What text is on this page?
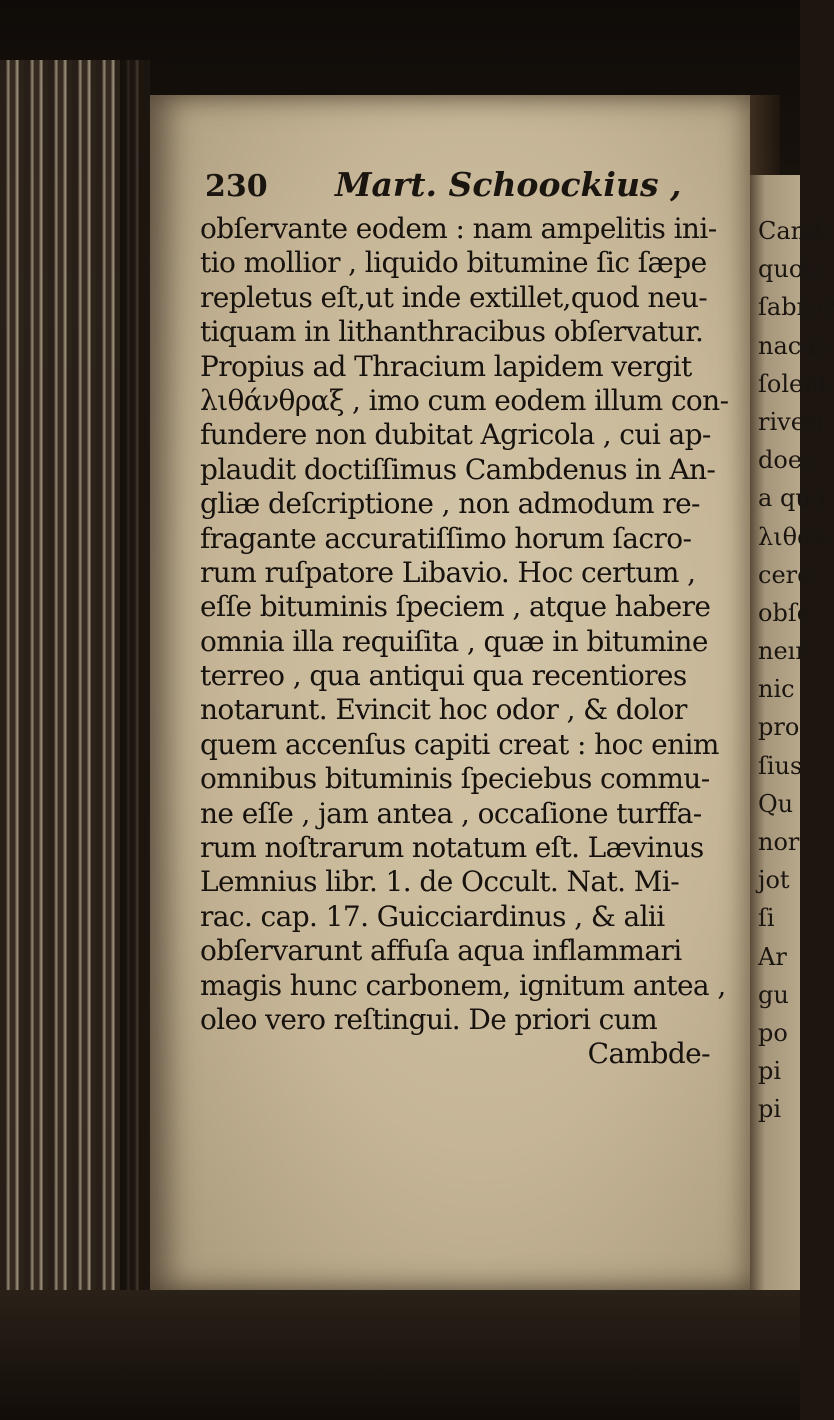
230	Mart. Schoockius ,
obſervante eodem : nam ampelitis ini-
tio mollior , liquido bitumine ſic ſæpe
repletus eſt,ut inde extillet,quod neu-
tiquam in lithanthracibus obſervatur.
Propius ad Thracium lapidem vergit
λιθάνθραξ , imo cum eodem illum con-
fundere non dubitat Agricola , cui ap-
plaudit doctiſſimus Cambdenus in An-
gliæ deſcriptione , non admodum re-
fragante accuratiſſimo horum ſacro-
rum ruſpatore Libavio. Hoc certum ,
eſſe bituminis ſpeciem , atque habere
omnia illa requiſita , quæ in bitumine
terreo , qua antiqui qua recentiores
notarunt. Evincit hoc odor , & dolor
quem accenſus capiti creat : hoc enim
omnibus bituminis ſpeciebus commu-
ne eſſe , jam antea , occaſione turffa-
rum noſtrarum notatum eſt. Lævinus
Lemnius libr. 1. de Occult. Nat. Mi-
rac. cap. 17. Guicciardinus , & alii
obſervarunt affuſa aqua inflammari
magis hunc carbonem, ignitum antea ,
oleo vero reſtingui. De priori cum
Cambde-
Camb
quoti
ſabror
nacus
ſolent
riveri
doex
a quo
λιθαν
cere,
obſe
neır
nic
pro
ſius
Qu
nor
jot
ſi
Ar
gu
po
pi
pi
